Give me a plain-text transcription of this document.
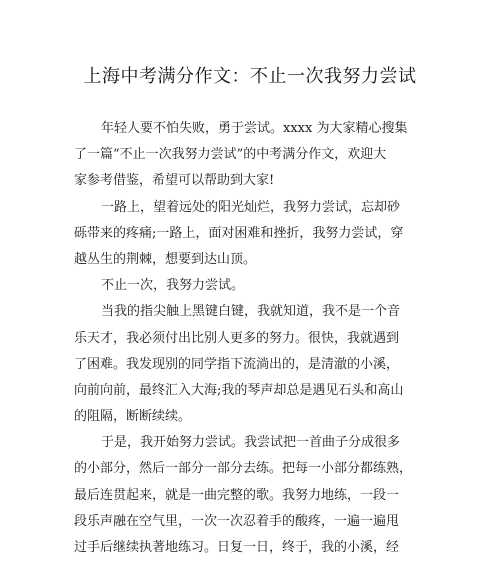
上海中考满分作文：不止一次我努力尝试
年轻人要不怕失败，勇于尝试。xxxx 为大家精心搜集
了一篇“不止一次我努力尝试”的中考满分作文，欢迎大
家参考借鉴，希望可以帮助到大家!
一路上，望着远处的阳光灿烂，我努力尝试，忘却砂
砾带来的疼痛;一路上，面对困难和挫折，我努力尝试，穿
越丛生的荆棘，想要到达山顶。
不止一次，我努力尝试。
当我的指尖触上黑键白键，我就知道，我不是一个音
乐天才，我必须付出比别人更多的努力。很快，我就遇到
了困难。我发现别的同学指下流淌出的，是清澈的小溪，
向前向前，最终汇入大海;我的琴声却总是遇见石头和高山
的阻隔，断断续续。
于是，我开始努力尝试。我尝试把一首曲子分成很多
的小部分，然后一部分一部分去练。把每一小部分都练熟，
最后连贯起来，就是一曲完整的歌。我努力地练，一段一
段乐声融在空气里，一次一次忍着手的酸疼，一遍一遍甩
过手后继续执著地练习。日复一日，终于，我的小溪，经
